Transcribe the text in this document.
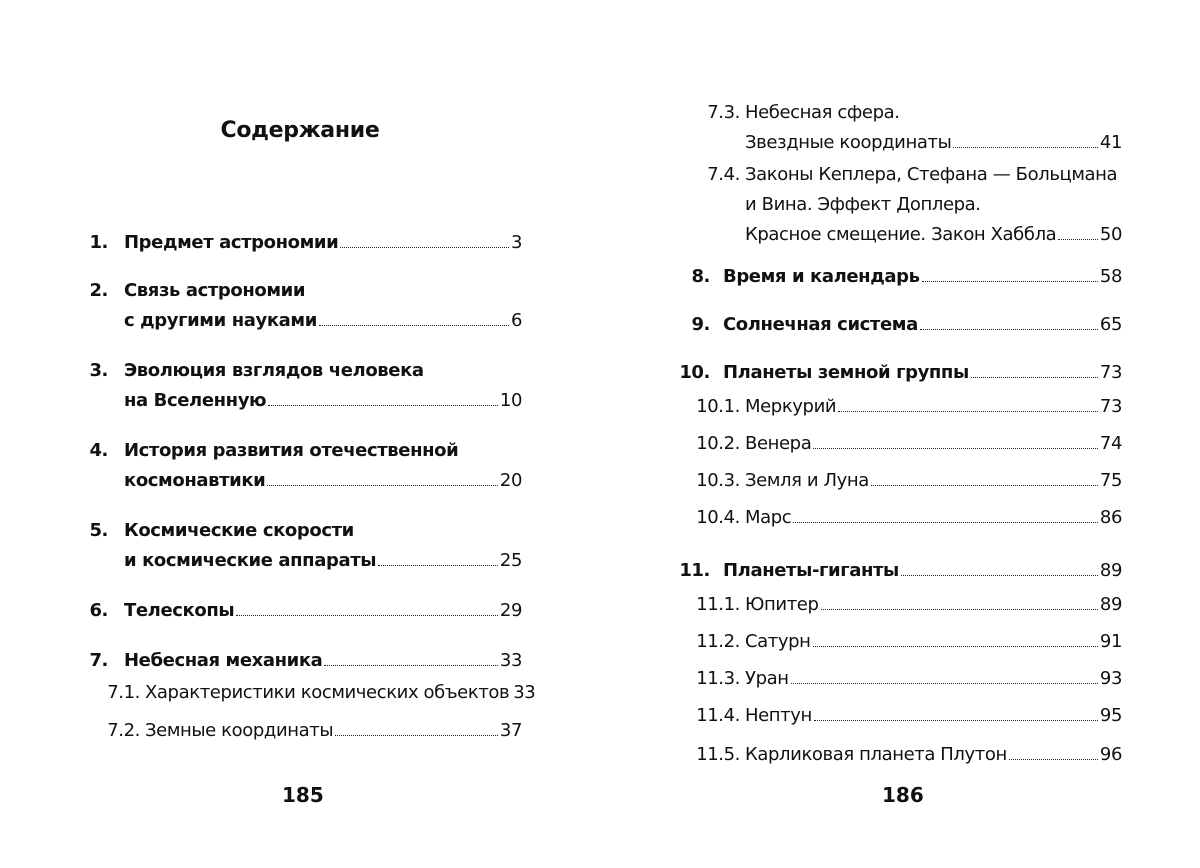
Содержание
1. Предмет астрономии	3
2. Связь астрономии
с другими науками	6
3. Эволюция взглядов человека
на Вселенную	10
4. История развития отечественной
космонавтики	20
5. Космические скорости
и космические аппараты	25
6. Телескопы	29
7. Небесная механика	33
7.1. Характеристики космических объектов 33
7.2. Земные координаты	37
185
7.3. Небесная сфера.
Звездные координаты	41
7.4. Законы Кеплера, Стефана — Больцмана
и Вина. Эффект Доплера.
Красное смещение. Закон Хаббла 50
8. Время и календарь	58
9. Солнечная система	65
10. Планеты земной группы	73
10.1. Меркурий	73
10.2. Венера	74
10.3. Земля и Луна	75
10.4. Марс	86
11. Планеты-гиганты	89
11.1. Юпитер	89
11.2. Сатурн	91
11.3. Уран	93
11.4. Нептун	95
11.5. Карликовая планета Плутон	96
186
